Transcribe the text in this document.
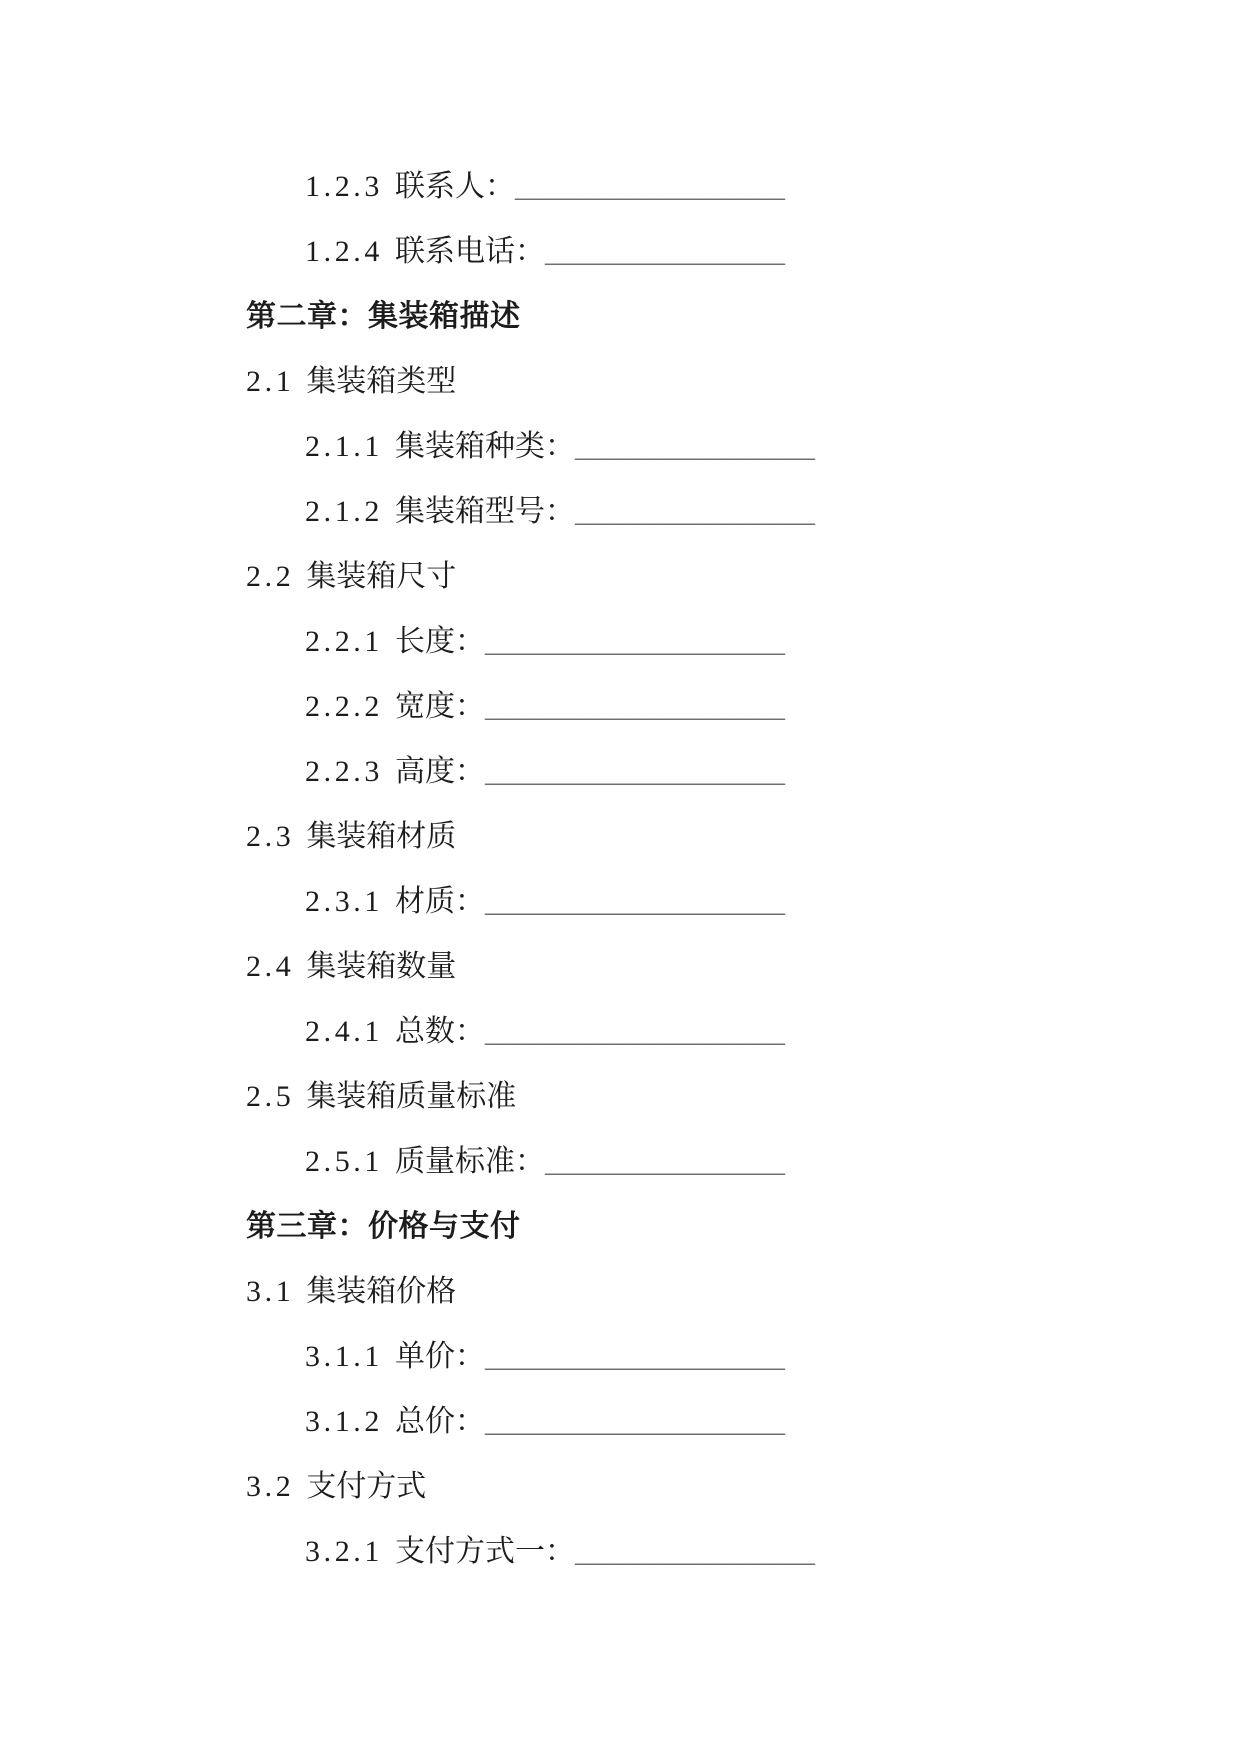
1.2.3 联系人：__________________
1.2.4 联系电话：________________
第二章：集装箱描述
2.1 集装箱类型
2.1.1 集装箱种类：________________
2.1.2 集装箱型号：________________
2.2 集装箱尺寸
2.2.1 长度：____________________
2.2.2 宽度：____________________
2.2.3 高度：____________________
2.3 集装箱材质
2.3.1 材质：____________________
2.4 集装箱数量
2.4.1 总数：____________________
2.5 集装箱质量标准
2.5.1 质量标准：________________
第三章：价格与支付
3.1 集装箱价格
3.1.1 单价：____________________
3.1.2 总价：____________________
3.2 支付方式
3.2.1 支付方式一：________________
